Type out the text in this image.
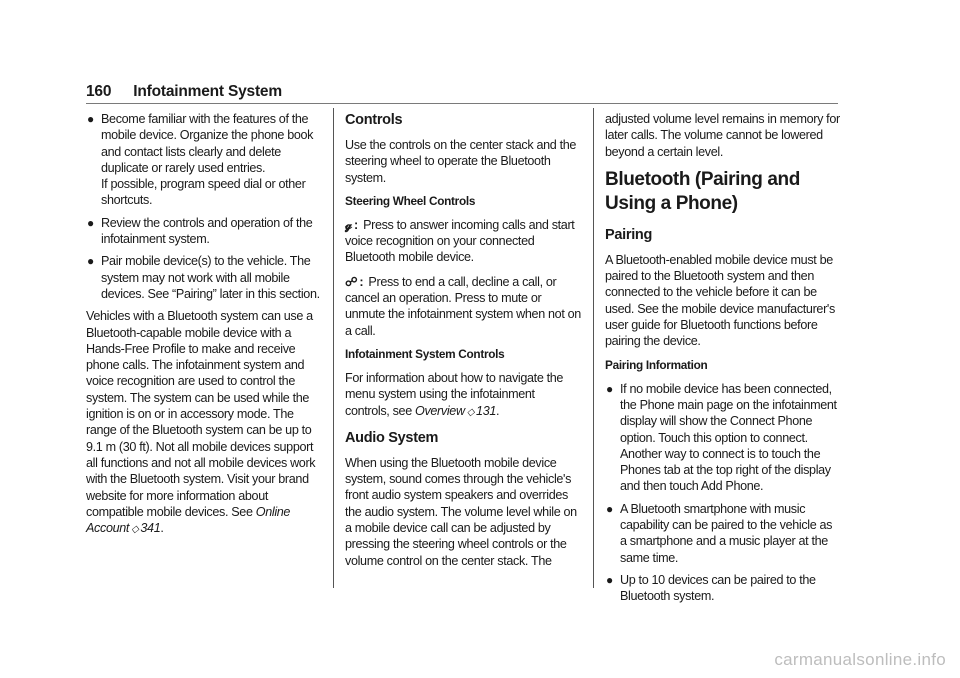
160 Infotainment System
● Become familiar with the features of the mobile device. Organize the phone book and contact lists clearly and delete duplicate or rarely used entries.
If possible, program speed dial or other shortcuts.
● Review the controls and operation of the infotainment system.
● Pair mobile device(s) to the vehicle. The system may not work with all mobile devices. See “Pairing” later in this section.

Vehicles with a Bluetooth system can use a Bluetooth-capable mobile device with a Hands-Free Profile to make and receive phone calls. The infotainment system and voice recognition are used to control the system. The system can be used while the ignition is on or in accessory mode. The range of the Bluetooth system can be up to 9.1 m (30 ft). Not all mobile devices support all functions and not all mobile devices work with the Bluetooth system. Visit your brand website for more information about compatible mobile devices. See Online Account ◇ 341.

Controls

Use the controls on the center stack and the steering wheel to operate the Bluetooth system.

Steering Wheel Controls

𝓰 : Press to answer incoming calls and start voice recognition on your connected Bluetooth mobile device.

☍ : Press to end a call, decline a call, or cancel an operation. Press to mute or unmute the infotainment system when not on a call.

Infotainment System Controls

For information about how to navigate the menu system using the infotainment controls, see Overview ◇ 131.

Audio System

When using the Bluetooth mobile device system, sound comes through the vehicle's front audio system speakers and overrides the audio system. The volume level while on a mobile device call can be adjusted by pressing the steering wheel controls or the volume control on the center stack. The

adjusted volume level remains in memory for later calls. The volume cannot be lowered beyond a certain level.

Bluetooth (Pairing and Using a Phone)
Pairing

A Bluetooth-enabled mobile device must be paired to the Bluetooth system and then connected to the vehicle before it can be used. See the mobile device manufacturer's user guide for Bluetooth functions before pairing the device.

Pairing Information
● If no mobile device has been connected, the Phone main page on the infotainment display will show the Connect Phone option. Touch this option to connect. Another way to connect is to touch the Phones tab at the top right of the display and then touch Add Phone.
● A Bluetooth smartphone with music capability can be paired to the vehicle as a smartphone and a music player at the same time.
● Up to 10 devices can be paired to the Bluetooth system.
carmanualsonline.info
